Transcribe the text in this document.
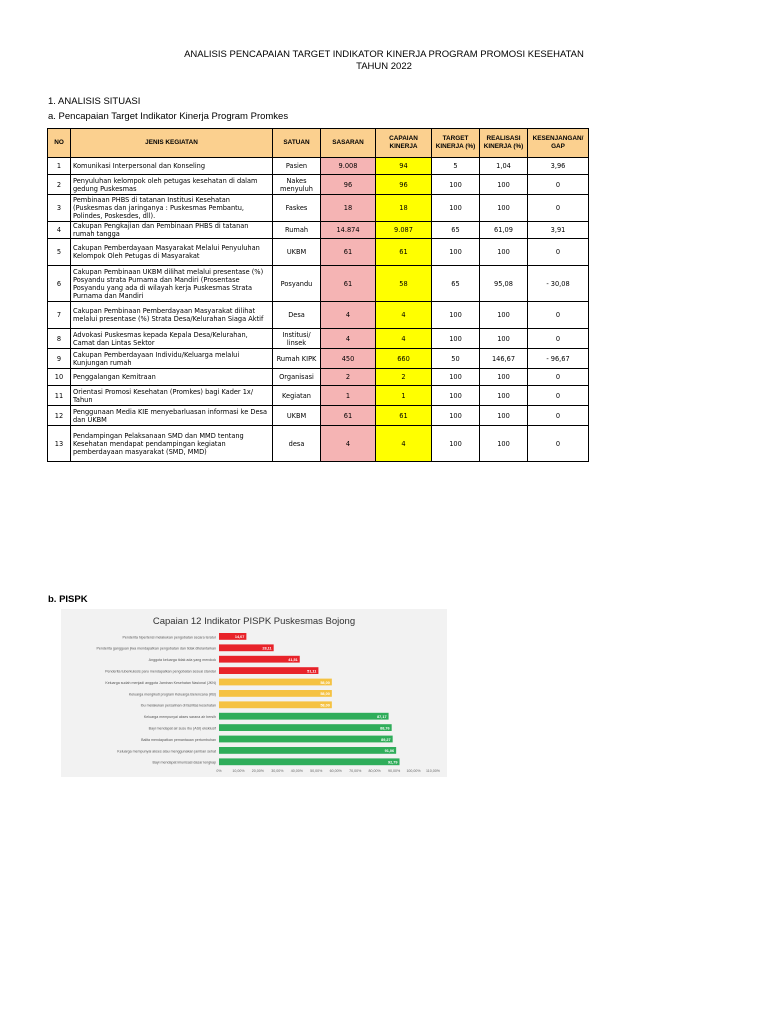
ANALISIS PENCAPAIAN TARGET INDIKATOR KINERJA PROGRAM PROMOSI KESEHATAN
TAHUN 2022
1. ANALISIS SITUASI
a. Pencapaian Target Indikator Kinerja Program Promkes
NO	JENIS KEGIATAN	SATUAN	SASARAN	CAPAIAN KINERJA	TARGET KINERJA (%)	REALISASI KINERJA (%)	KESENJANGAN/ GAP
1	Komunikasi Interpersonal dan Konseling	Pasien	9.008	94	5	1,04	3,96
2	Penyuluhan kelompok oleh petugas kesehatan di dalam gedung Puskesmas	Nakes menyuluh	96	96	100	100	0
3	Pembinaan PHBS di tatanan Institusi Kesehatan (Puskesmas dan jaringanya : Puskesmas Pembantu, Polindes, Poskesdes, dll).	Faskes	18	18	100	100	0
4	Cakupan Pengkajian dan Pembinaan PHBS di tatanan rumah tangga	Rumah	14.874	9.087	65	61,09	3,91
5	Cakupan Pemberdayaan Masyarakat Melalui Penyuluhan Kelompok Oleh Petugas di Masyarakat	UKBM	61	61	100	100	0
6	Cakupan Pembinaan UKBM dilihat melalui presentase (%) Posyandu strata Purnama dan Mandiri (Prosentase Posyandu yang ada di wilayah kerja Puskesmas Strata Purnama dan Mandiri	Posyandu	61	58	65	95,08	- 30,08
7	Cakupan Pembinaan Pemberdayaan Masyarakat dilihat melalui presentase (%) Strata Desa/Kelurahan Siaga Aktif	Desa	4	4	100	100	0
8	Advokasi Puskesmas kepada Kepala Desa/Kelurahan, Camat dan Lintas Sektor	Institusi/ linsek	4	4	100	100	0
9	Cakupan Pemberdayaan Individu/Keluarga melalui Kunjungan rumah	Rumah KIPK	450	660	50	146,67	- 96,67
10	Penggalangan Kemitraan	Organisasi	2	2	100	100	0
11	Orientasi Promosi Kesehatan (Promkes) bagi Kader 1x/ Tahun	Kegiatan	1	1	100	100	0
12	Penggunaan Media KIE menyebarluasan informasi ke Desa dan UKBM	UKBM	61	61	100	100	0
13	Pendampingan Pelaksanaan SMD dan MMD tentang Kesehatan mendapat pendampingan kegiatan pemberdayaan masyarakat (SMD, MMD)	desa	4	4	100	100	0
b. PISPK
Capaian 12 Indikator PISPK Puskesmas Bojong
Penderita hipertensi melakukan pengobatan secara teratur	14,07
Penderita gangguan jiwa mendapatkan pengobatan dan tidak ditelantarkan	28,11
Anggota keluarga tidak ada yang merokok	41,51
Penderita tuberkulosis paru mendapatkan pengobatan sesuai standar	51,11
Keluarga sudah menjadi anggota Jaminan Kesehatan Nasional (JKN)	58,00
Keluarga mengikuti program Keluarga Berencana (KB)	58,00
Ibu melakukan persalinan di fasilitas kesehatan	58,00
Keluarga mempunyai akses sarana air bersih	87,17
Bayi mendapat air susu ibu (ASI) eksklusif	88,76
Balita mendapatkan pemantauan pertumbuhan	89,27
Keluarga mempunyai akses atau menggunakan jamban sehat	91,06
Bayi mendapat imunisasi dasar lengkap	92,79
0%	10,00% 20,00% 30,00% 40,00% 50,00% 60,00% 70,00% 80,00% 90,00% 100,00% 110,00%
